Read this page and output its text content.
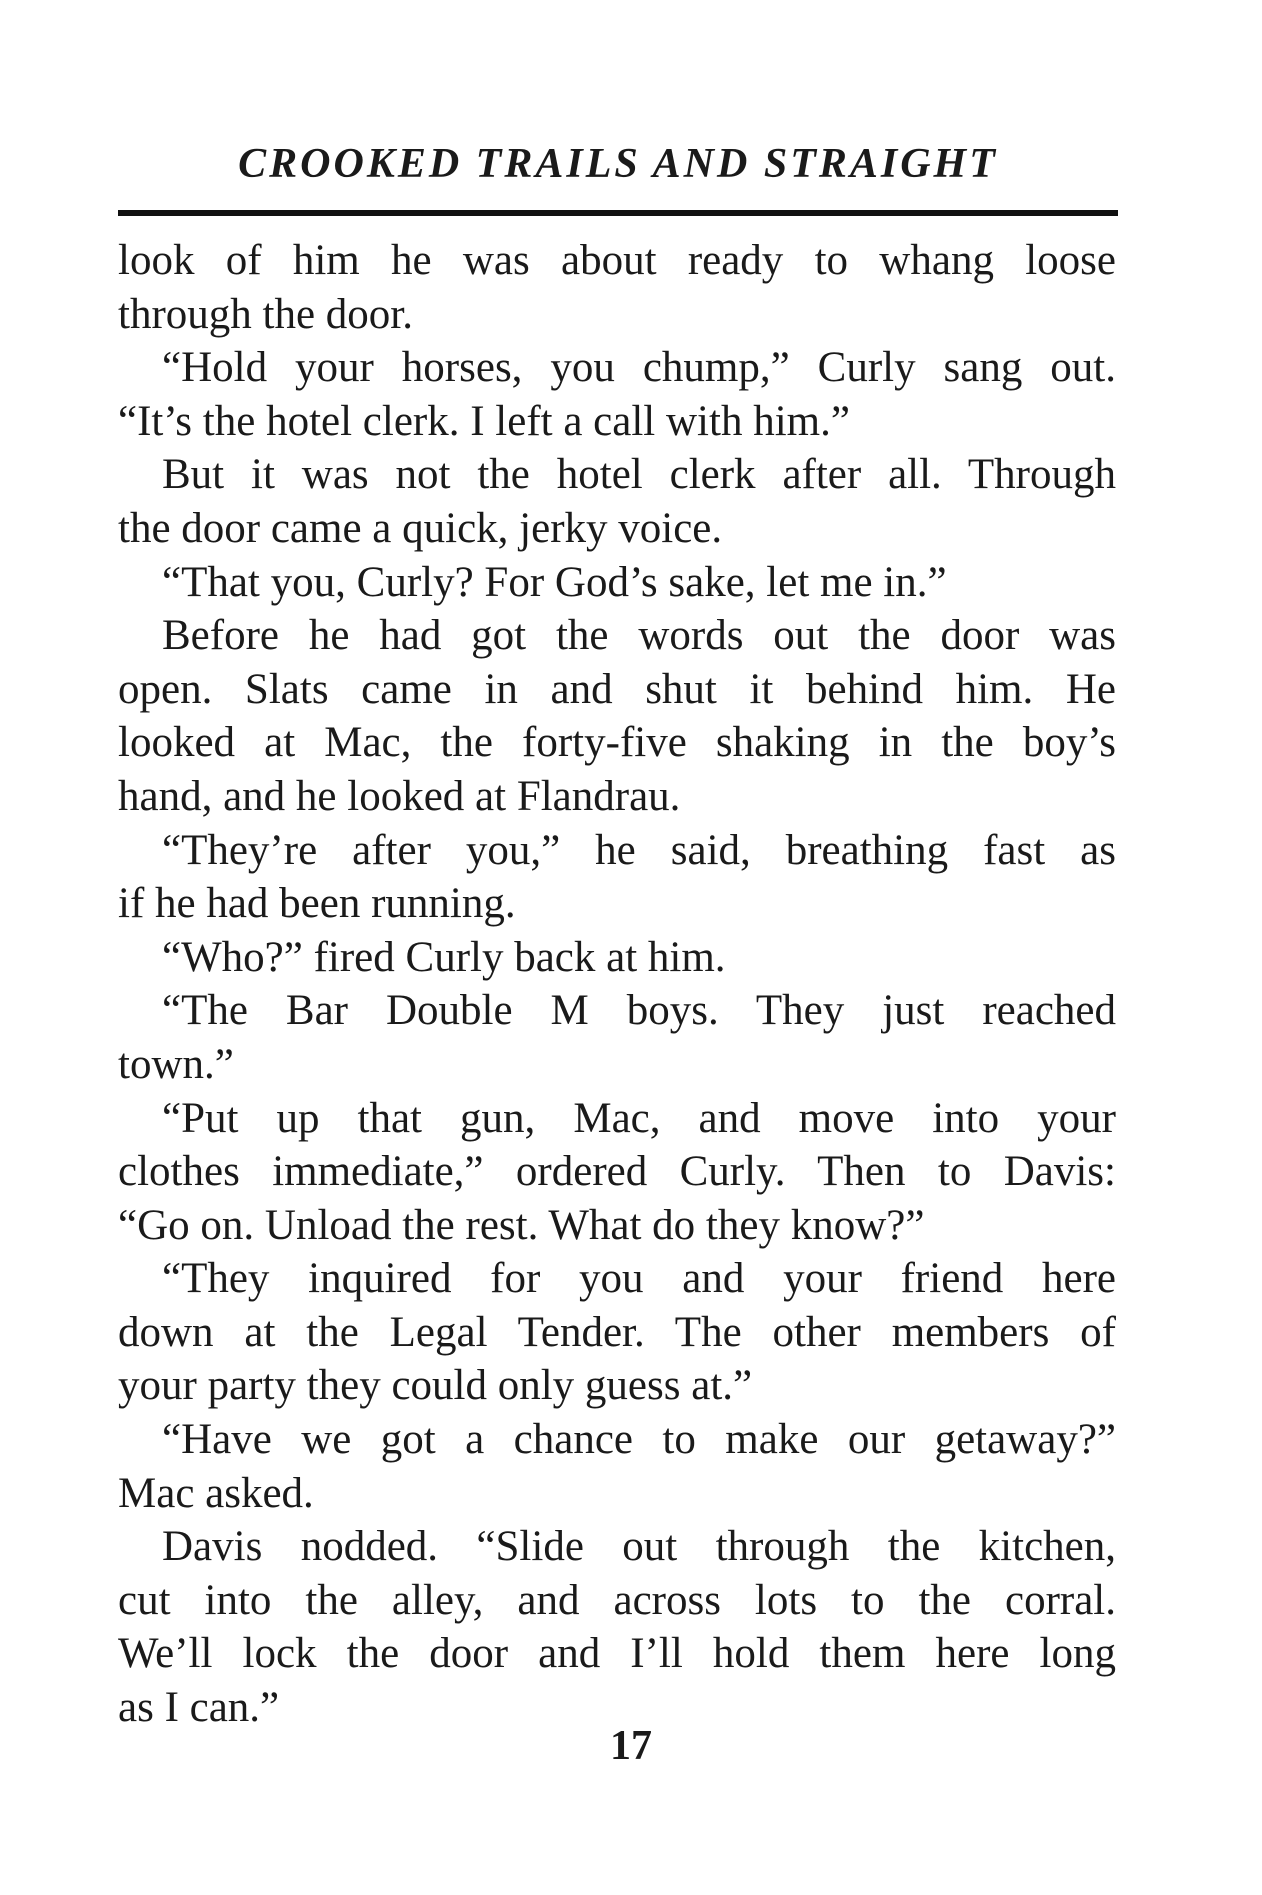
CROOKED TRAILS AND STRAIGHT
look of him he was about ready to whang loose
through the door.
“Hold your horses, you chump,” Curly sang out.
“It’s the hotel clerk. I left a call with him.”
But it was not the hotel clerk after all. Through
the door came a quick, jerky voice.
“That you, Curly? For God’s sake, let me in.”
Before he had got the words out the door was
open. Slats came in and shut it behind him. He
looked at Mac, the forty-five shaking in the boy’s
hand, and he looked at Flandrau.
“They’re after you,” he said, breathing fast as
if he had been running.
“Who?” fired Curly back at him.
“The Bar Double M boys. They just reached
town.”
“Put up that gun, Mac, and move into your
clothes immediate,” ordered Curly. Then to Davis:
“Go on. Unload the rest. What do they know?”
“They inquired for you and your friend here
down at the Legal Tender. The other members of
your party they could only guess at.”
“Have we got a chance to make our getaway?”
Mac asked.
Davis nodded. “Slide out through the kitchen,
cut into the alley, and across lots to the corral.
We’ll lock the door and I’ll hold them here long
as I can.”
17
